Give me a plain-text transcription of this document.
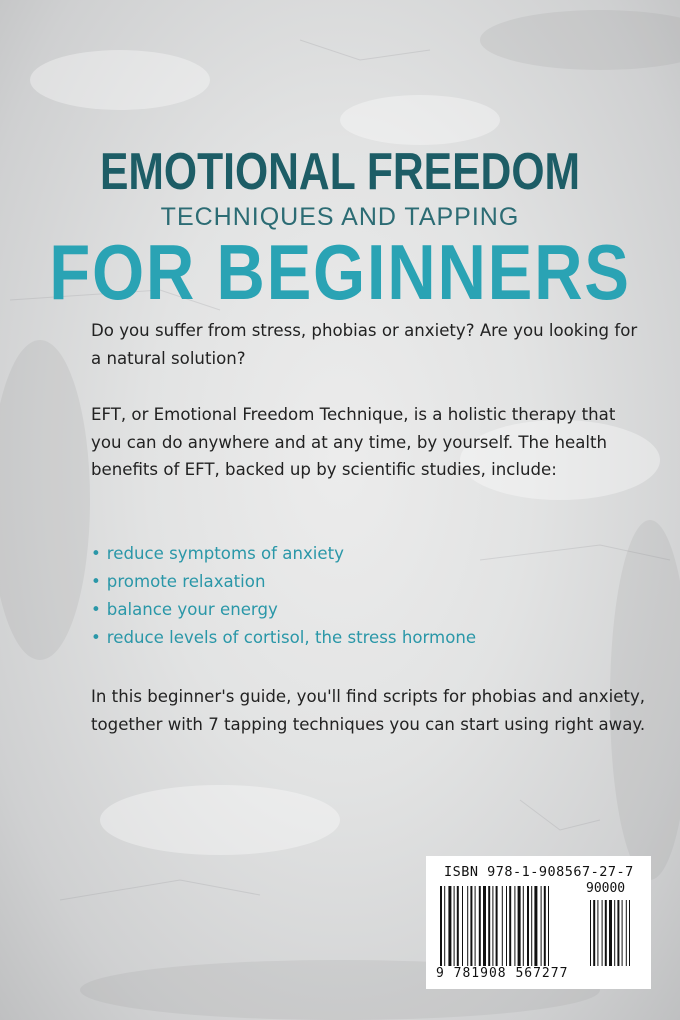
EMOTIONAL FREEDOM
TECHNIQUES AND TAPPING
FOR BEGINNERS

Do you suffer from stress, phobias or anxiety? Are you looking for a natural solution?

EFT, or Emotional Freedom Technique, is a holistic therapy that you can do anywhere and at any time, by yourself. The health benefits of EFT, backed up by scientific studies, include:

• reduce symptoms of anxiety
• promote relaxation
• balance your energy
• reduce levels of cortisol, the stress hormone

In this beginner's guide, you'll find scripts for phobias and anxiety, together with 7 tapping techniques you can start using right away.

ISBN 978-1-908567-27-7
90000
9 781908 567277
